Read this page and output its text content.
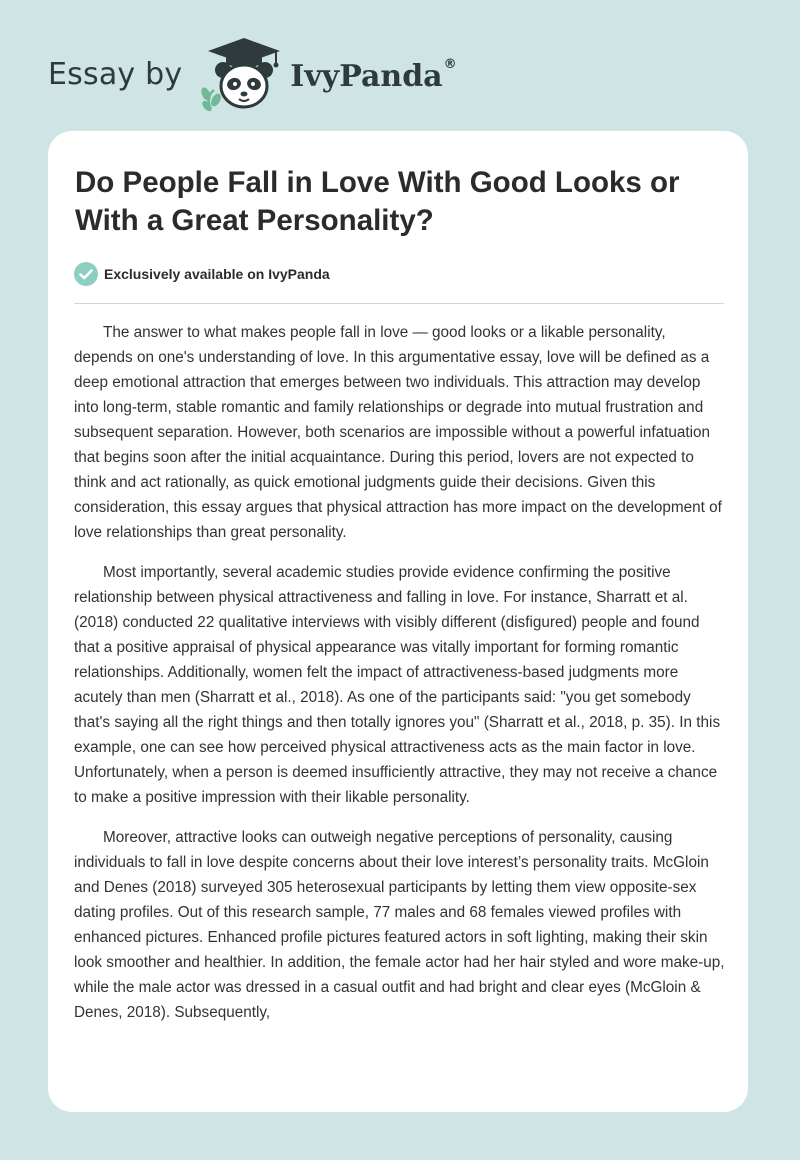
Essay by	IvyPanda®
Do People Fall in Love With Good Looks or With a Great Personality?
Exclusively available on IvyPanda

The answer to what makes people fall in love — good looks or a likable personality, depends on one's understanding of love. In this argumentative essay, love will be defined as a deep emotional attraction that emerges between two individuals. This attraction may develop into long-term, stable romantic and family relationships or degrade into mutual frustration and subsequent separation. However, both scenarios are impossible without a powerful infatuation that begins soon after the initial acquaintance. During this period, lovers are not expected to think and act rationally, as quick emotional judgments guide their decisions. Given this consideration, this essay argues that physical attraction has more impact on the development of love relationships than great personality.

Most importantly, several academic studies provide evidence confirming the positive relationship between physical attractiveness and falling in love. For instance, Sharratt et al. (2018) conducted 22 qualitative interviews with visibly different (disfigured) people and found that a positive appraisal of physical appearance was vitally important for forming romantic relationships. Additionally, women felt the impact of attractiveness-based judgments more acutely than men (Sharratt et al., 2018). As one of the participants said: "you get somebody that's saying all the right things and then totally ignores you" (Sharratt et al., 2018, p. 35). In this example, one can see how perceived physical attractiveness acts as the main factor in love. Unfortunately, when a person is deemed insufficiently attractive, they may not receive a chance to make a positive impression with their likable personality.

Moreover, attractive looks can outweigh negative perceptions of personality, causing individuals to fall in love despite concerns about their love interest’s personality traits. McGloin and Denes (2018) surveyed 305 heterosexual participants by letting them view opposite-sex dating profiles. Out of this research sample, 77 males and 68 females viewed profiles with enhanced pictures. Enhanced profile pictures featured actors in soft lighting, making their skin look smoother and healthier. In addition, the female actor had her hair styled and wore make-up, while the male actor was dressed in a casual outfit and had bright and clear eyes (McGloin & Denes, 2018). Subsequently,
